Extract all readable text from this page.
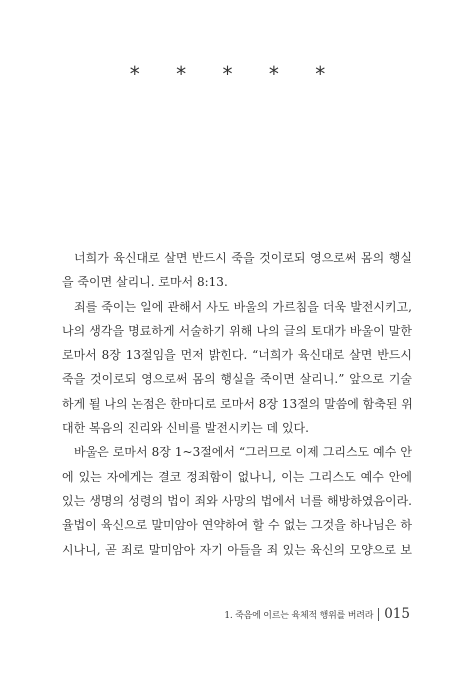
* * * * *
너희가 육신대로 살면 반드시 죽을 것이로되 영으로써 몸의 행실
을 죽이면 살리니. 로마서 8:13.
죄를 죽이는 일에 관해서 사도 바울의 가르침을 더욱 발전시키고,
나의 생각을 명료하게 서술하기 위해 나의 글의 토대가 바울이 말한
로마서 8장 13절임을 먼저 밝힌다. “너희가 육신대로 살면 반드시
죽을 것이로되 영으로써 몸의 행실을 죽이면 살리니.” 앞으로 기술
하게 될 나의 논점은 한마디로 로마서 8장 13절의 말씀에 함축된 위
대한 복음의 진리와 신비를 발전시키는 데 있다.
바울은 로마서 8장 1~3절에서 “그러므로 이제 그리스도 예수 안
에 있는 자에게는 결코 정죄함이 없나니, 이는 그리스도 예수 안에
있는 생명의 성령의 법이 죄와 사망의 법에서 너를 해방하였음이라.
율법이 육신으로 말미암아 연약하여 할 수 없는 그것을 하나님은 하
시나니, 곧 죄로 말미암아 자기 아들을 죄 있는 육신의 모양으로 보
1. 죽음에 이르는 육체적 행위를 버려라 015
